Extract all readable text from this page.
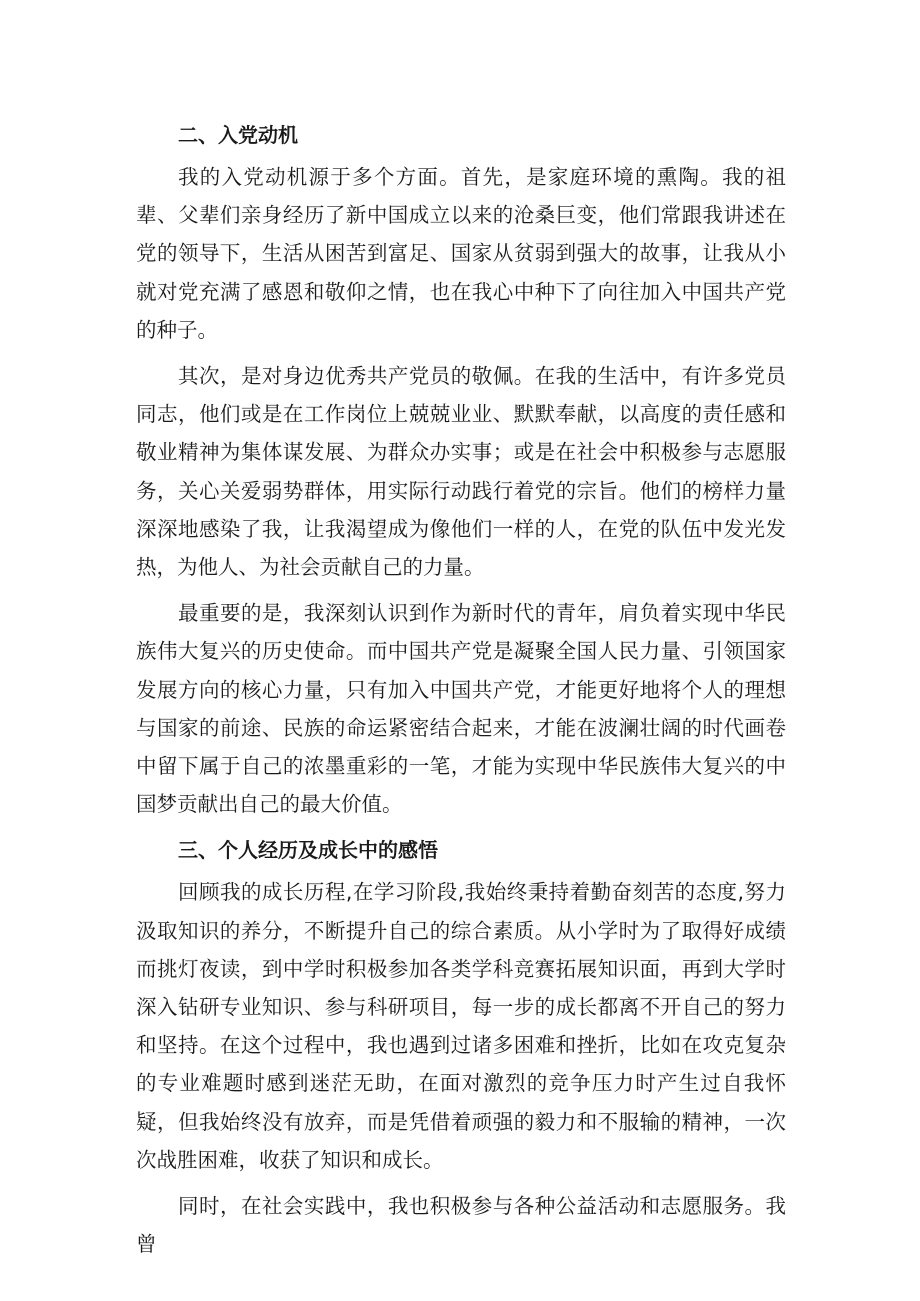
二、入党动机

我的入党动机源于多个方面。首先，是家庭环境的熏陶。我的祖辈、父辈们亲身经历了新中国成立以来的沧桑巨变，他们常跟我讲述在党的领导下，生活从困苦到富足、国家从贫弱到强大的故事，让我从小就对党充满了感恩和敬仰之情，也在我心中种下了向往加入中国共产党的种子。

其次，是对身边优秀共产党员的敬佩。在我的生活中，有许多党员同志，他们或是在工作岗位上兢兢业业、默默奉献，以高度的责任感和敬业精神为集体谋发展、为群众办实事；或是在社会中积极参与志愿服务，关心关爱弱势群体，用实际行动践行着党的宗旨。他们的榜样力量深深地感染了我，让我渴望成为像他们一样的人，在党的队伍中发光发热，为他人、为社会贡献自己的力量。

最重要的是，我深刻认识到作为新时代的青年，肩负着实现中华民族伟大复兴的历史使命。而中国共产党是凝聚全国人民力量、引领国家发展方向的核心力量，只有加入中国共产党，才能更好地将个人的理想与国家的前途、民族的命运紧密结合起来，才能在波澜壮阔的时代画卷中留下属于自己的浓墨重彩的一笔，才能为实现中华民族伟大复兴的中国梦贡献出自己的最大价值。

三、个人经历及成长中的感悟

回顾我的成长历程,在学习阶段,我始终秉持着勤奋刻苦的态度,努力汲取知识的养分，不断提升自己的综合素质。从小学时为了取得好成绩而挑灯夜读，到中学时积极参加各类学科竞赛拓展知识面，再到大学时深入钻研专业知识、参与科研项目，每一步的成长都离不开自己的努力和坚持。在这个过程中，我也遇到过诸多困难和挫折，比如在攻克复杂的专业难题时感到迷茫无助，在面对激烈的竞争压力时产生过自我怀疑，但我始终没有放弃，而是凭借着顽强的毅力和不服输的精神，一次次战胜困难，收获了知识和成长。

同时，在社会实践中，我也积极参与各种公益活动和志愿服务。我曾
